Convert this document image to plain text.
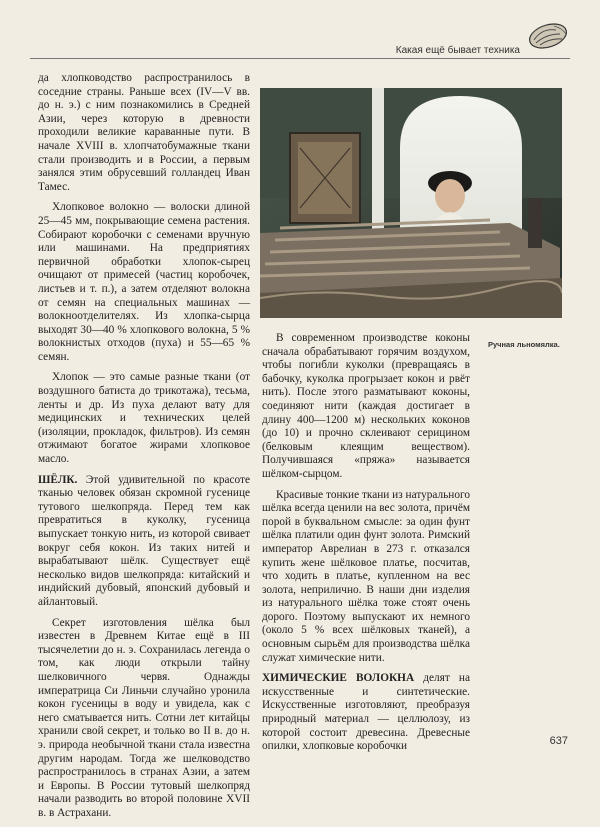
Какая ещё бывает техника

да хлопководство распространилось в соседние страны. Раньше всех (IV—V вв. до н. э.) с ним познакомились в Средней Азии, через которую в древности проходили великие караванные пути. В начале XVIII в. хлопчатобумажные ткани стали производить и в России, а первым занялся этим обрусевший голландец Иван Тамес.

Хлопковое волокно — волоски длиной 25—45 мм, покрывающие семена растения. Собирают коробочки с семенами вручную или машинами. На предприятиях первичной обработки хлопок-сырец очищают от примесей (частиц коробочек, листьев и т. п.), а затем отделяют волокна от семян на специальных машинах — волокноотделителях. Из хлопка-сырца выходят 30—40 % хлопкового волокна, 5 % волокнистых отходов (пуха) и 55—65 % семян.

Хлопок — это самые разные ткани (от воздушного батиста до трикотажа), тесьма, ленты и др. Из пуха делают вату для медицинских и технических целей (изоляции, прокладок, фильтров). Из семян отжимают богатое жирами хлопковое масло.

ШЁЛК. Этой удивительной по красоте тканью человек обязан скромной гусенице тутового шелкопряда. Перед тем как превратиться в куколку, гусеница выпускает тонкую нить, из которой свивает вокруг себя кокон. Из таких нитей и вырабатывают шёлк. Существует ещё несколько видов шелкопряда: китайский и индийский дубовый, японский дубовый и айлантовый.

Секрет изготовления шёлка был известен в Древнем Китае ещё в III тысячелетии до н. э. Сохранилась легенда о том, как люди открыли тайну шелковичного червя. Однажды императрица Си Линьчи случайно уронила кокон гусеницы в воду и увидела, как с него сматывается нить. Сотни лет китайцы хранили свой секрет, и только во II в. до н. э. природа необычной ткани стала известна другим народам. Тогда же шелководство распространилось в странах Азии, а затем и Европы. В России тутовый шелкопряд начали разводить во второй половине XVII в. в Астрахани.

В современном производстве коконы сначала обрабатывают горячим воздухом, чтобы погибли куколки (превращаясь в бабочку, куколка прогрызает кокон и рвёт нить). После этого разматывают коконы, соединяют нити (каждая достигает в длину 400—1200 м) нескольких коконов (до 10) и прочно склеивают серицином (белковым клеящим веществом). Получившаяся «пряжа» называется шёлком-сырцом.

Красивые тонкие ткани из натурального шёлка всегда ценили на вес золота, причём порой в буквальном смысле: за один фунт шёлка платили один фунт золота. Римский император Аврелиан в 273 г. отказался купить жене шёлковое платье, посчитав, что ходить в платье, купленном на вес золота, неприлично. В наши дни изделия из натурального шёлка тоже стоят очень дорого. Поэтому выпускают их немного (около 5 % всех шёлковых тканей), а основным сырьём для производства шёлка служат химические нити.

ХИМИЧЕСКИЕ ВОЛОКНА делят на искусственные и синтетические. Искусственные изготовляют, преобразуя природный материал — целлюлозу, из которой состоит древесина. Древесные опилки, хлопковые коробочки

Ручная льномялка.
637
